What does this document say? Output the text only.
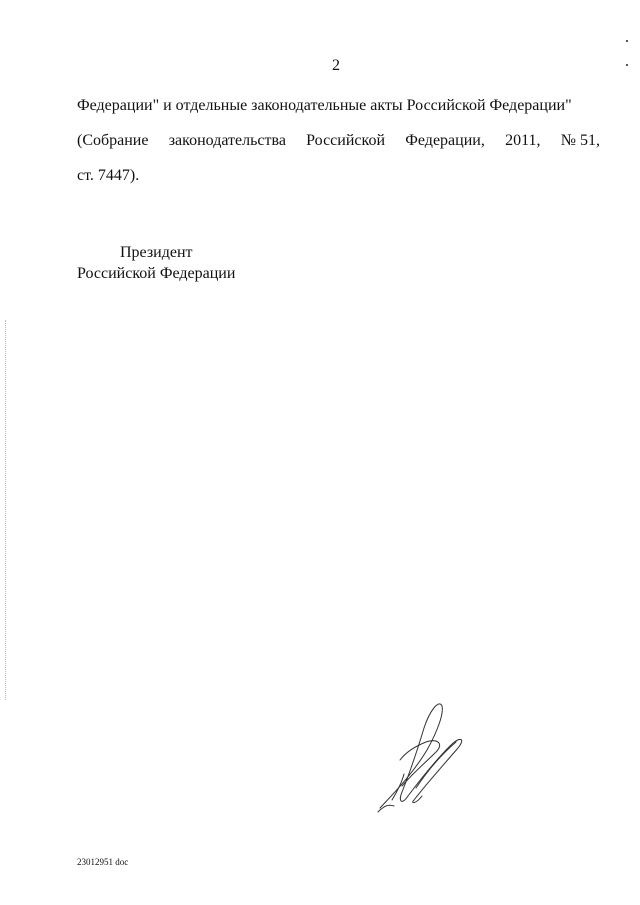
2
Федерации" и отдельные законодательные акты Российской Федерации"
(Собрание законодательства Российской Федерации, 2011, № 51,
ст. 7447).
Президент
Российской Федерации
23012951 doc
